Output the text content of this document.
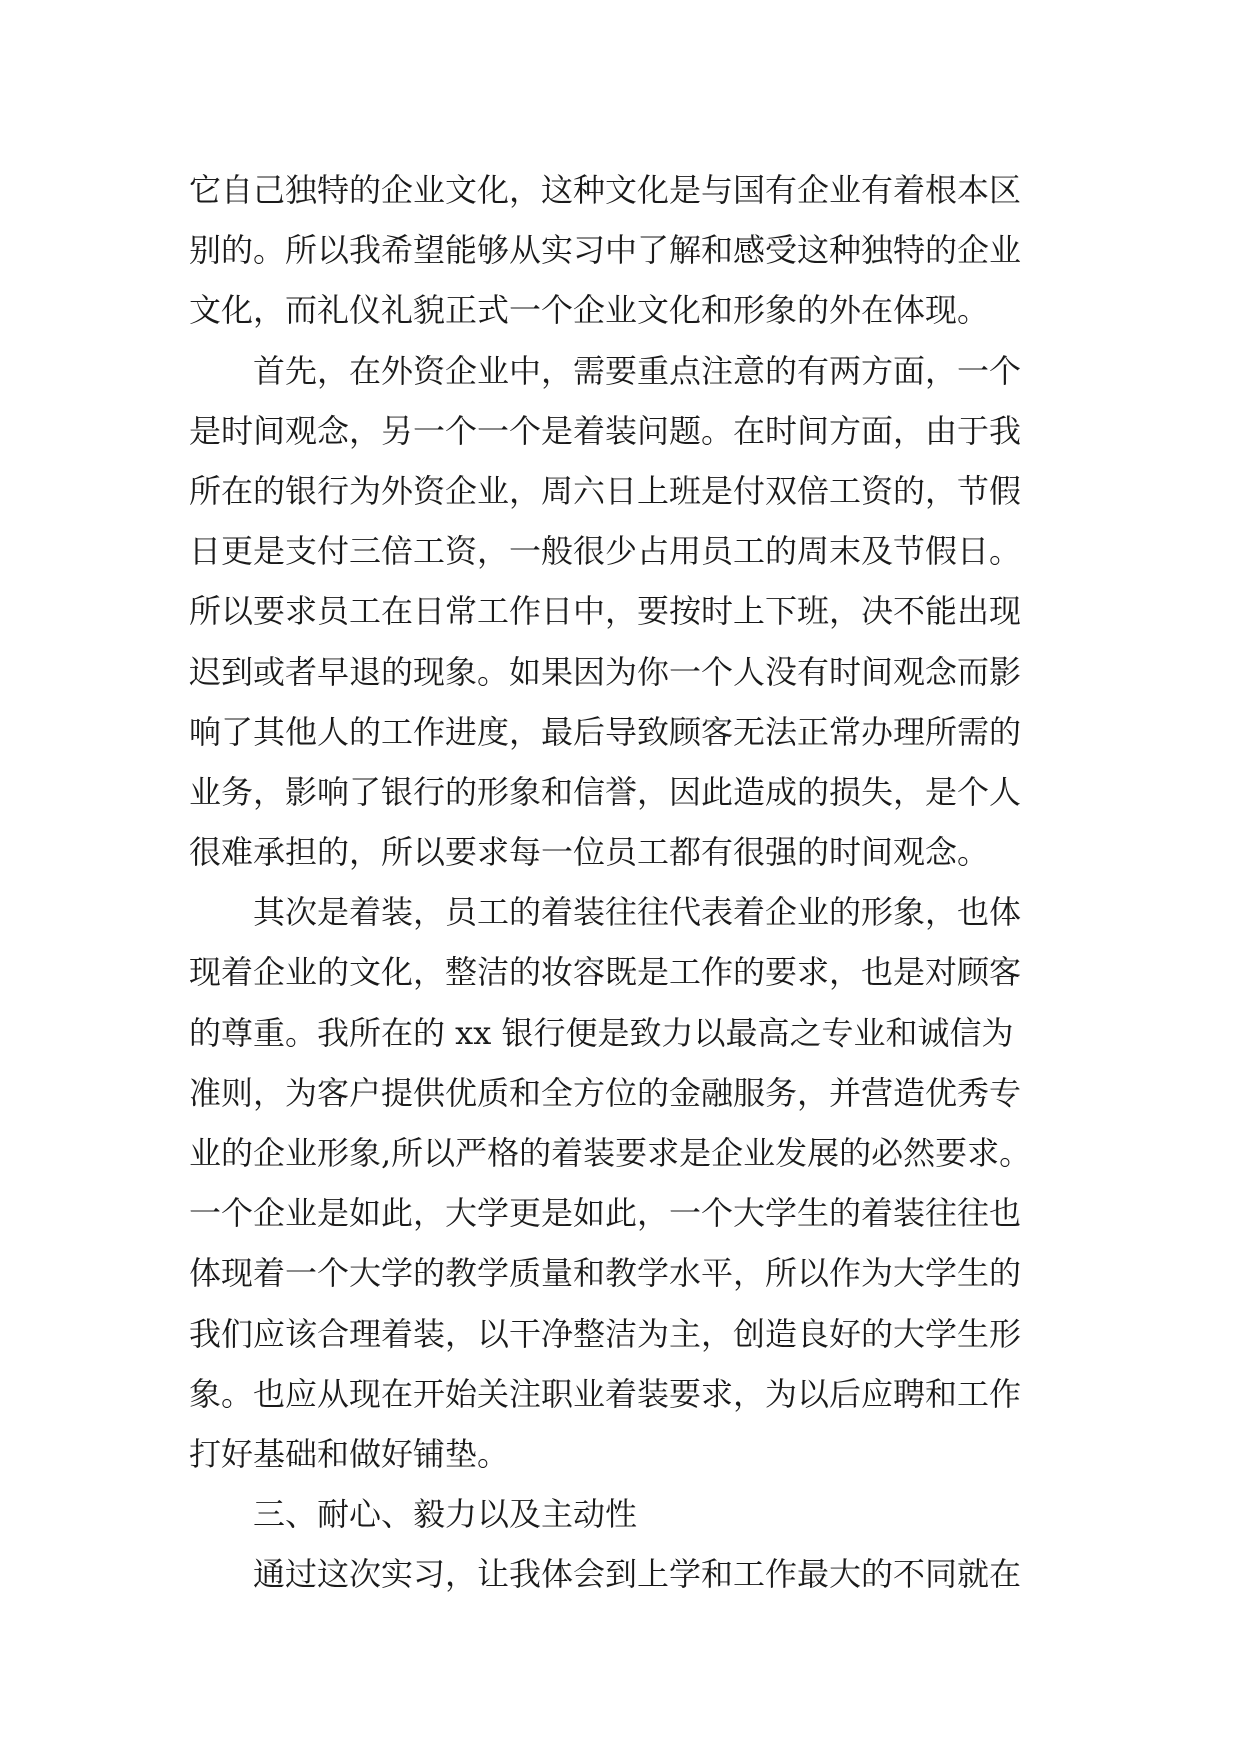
它自己独特的企业文化，这种文化是与国有企业有着根本区
别的。所以我希望能够从实习中了解和感受这种独特的企业
文化，而礼仪礼貌正式一个企业文化和形象的外在体现。
首先，在外资企业中，需要重点注意的有两方面，一个
是时间观念，另一个一个是着装问题。在时间方面，由于我
所在的银行为外资企业，周六日上班是付双倍工资的，节假
日更是支付三倍工资，一般很少占用员工的周末及节假日。
所以要求员工在日常工作日中，要按时上下班，决不能出现
迟到或者早退的现象。如果因为你一个人没有时间观念而影
响了其他人的工作进度，最后导致顾客无法正常办理所需的
业务，影响了银行的形象和信誉，因此造成的损失，是个人
很难承担的，所以要求每一位员工都有很强的时间观念。
其次是着装，员工的着装往往代表着企业的形象，也体
现着企业的文化，整洁的妆容既是工作的要求，也是对顾客
的尊重。我所在的 xx 银行便是致力以最高之专业和诚信为
准则，为客户提供优质和全方位的金融服务，并营造优秀专
业的企业形象,所以严格的着装要求是企业发展的必然要求。
一个企业是如此，大学更是如此，一个大学生的着装往往也
体现着一个大学的教学质量和教学水平，所以作为大学生的
我们应该合理着装，以干净整洁为主，创造良好的大学生形
象。也应从现在开始关注职业着装要求，为以后应聘和工作
打好基础和做好铺垫。
三、耐心、毅力以及主动性
通过这次实习，让我体会到上学和工作最大的不同就在
